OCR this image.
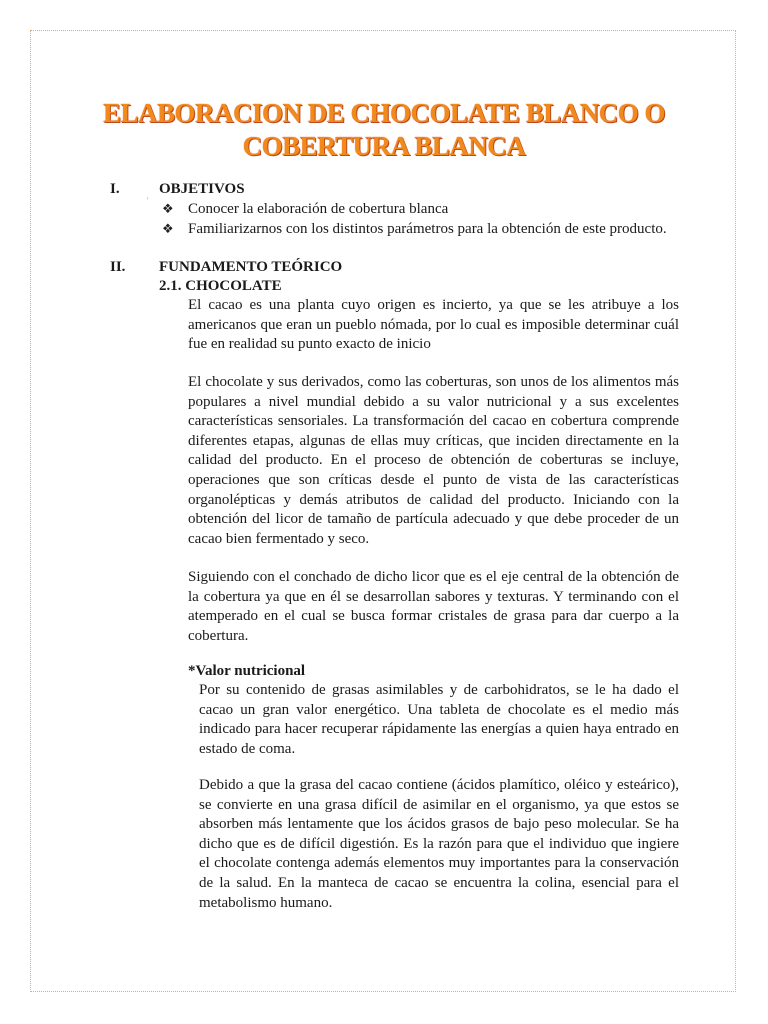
ELABORACION DE CHOCOLATE BLANCO O
COBERTURA BLANCA
I.	OBJETIVOS
'
❖ Conocer la elaboración de cobertura blanca
❖ Familiarizarnos con los distintos parámetros para la obtención de este producto.
II. FUNDAMENTO TEÓRICO
2.1. CHOCOLATE

El cacao es una planta cuyo origen es incierto, ya que se les atribuye a los americanos que eran un pueblo nómada, por lo cual es imposible determinar cuál fue en realidad su punto exacto de inicio

El chocolate y sus derivados, como las coberturas, son unos de los alimentos más populares a nivel mundial debido a su valor nutricional y a sus excelentes características sensoriales. La transformación del cacao en cobertura comprende diferentes etapas, algunas de ellas muy críticas, que inciden directamente en la calidad del producto. En el proceso de obtención de coberturas se incluye, operaciones que son críticas desde el punto de vista de las características organolépticas y demás atributos de calidad del producto. Iniciando con la obtención del licor de tamaño de partícula adecuado y que debe proceder de un cacao bien fermentado y seco.

Siguiendo con el conchado de dicho licor que es el eje central de la obtención de la cobertura ya que en él se desarrollan sabores y texturas. Y terminando con el atemperado en el cual se busca formar cristales de grasa para dar cuerpo a la cobertura.

*Valor nutricional

Por su contenido de grasas asimilables y de carbohidratos, se le ha dado el cacao un gran valor energético. Una tableta de chocolate es el medio más indicado para hacer recuperar rápidamente las energías a quien haya entrado en estado de coma.

Debido a que la grasa del cacao contiene (ácidos plamítico, oléico y esteárico), se convierte en una grasa difícil de asimilar en el organismo, ya que estos se absorben más lentamente que los ácidos grasos de bajo peso molecular. Se ha dicho que es de difícil digestión. Es la razón para que el individuo que ingiere el chocolate contenga además elementos muy importantes para la conservación de la salud. En la manteca de cacao se encuentra la colina, esencial para el metabolismo humano.
